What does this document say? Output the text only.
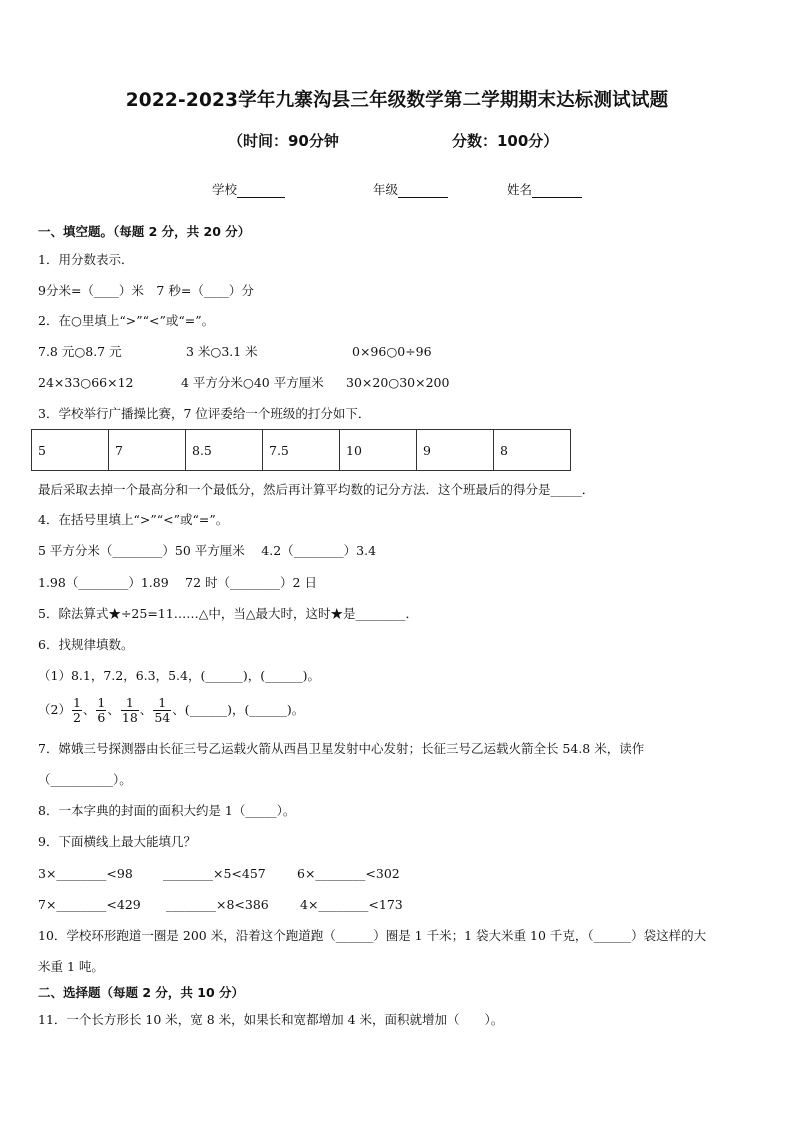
2022-2023学年九寨沟县三年级数学第二学期期末达标测试试题
（时间：90分钟	分数：100分）
学校	年级	姓名
一、填空题。（每题 2 分，共 20 分）
1．用分数表示．
9分米=（____）米　7 秒=（____）分
2．在○里填上“>”“<”或“=”。
7.8 元○8.7 元	3 米○3.1 米	0×96○0÷96
24×33○66×12	4 平方分米○40 平方厘米 30×20○30×200
3．学校举行广播操比赛，7 位评委给一个班级的打分如下．
5	7	8.5	7.5	10	9	8
最后采取去掉一个最高分和一个最低分，然后再计算平均数的记分方法．这个班最后的得分是_____．
4．在括号里填上“>”“<”或“=”。
5 平方分米（________）50 平方厘米　 4.2（________）3.4
1.98（________）1.89　 72 时（________）2 日
5．除法算式★÷25=11……△中，当△最大时，这时★是________．
6．找规律填数。
（1）8.1，7.2，6.3，5.4，(______)，(______)。
$(2) \frac{1}{2}$ 、 $\frac{1}{6}$ 、 $\frac{1}{18}$ 、 $\frac{1}{54}$ 、(______)，(______)。
7．嫦娥三号探测器由长征三号乙运载火箭从西昌卫星发射中心发射；长征三号乙运载火箭全长 54.8 米，读作
（__________）。
8．一本字典的封面的面积大约是 1（_____）。
9．下面横线上最大能填几？
3×________<98 ________×5<457 6×________<302
7×________<429 ________×8<386 4×________<173
10．学校环形跑道一圈是 200 米，沿着这个跑道跑（______）圈是 1 千米；1 袋大米重 10 千克，（______）袋这样的大
米重 1 吨。
二、选择题（每题 2 分，共 10 分）
11．一个长方形长 10 米，宽 8 米，如果长和宽都增加 4 米，面积就增加（　　）。
